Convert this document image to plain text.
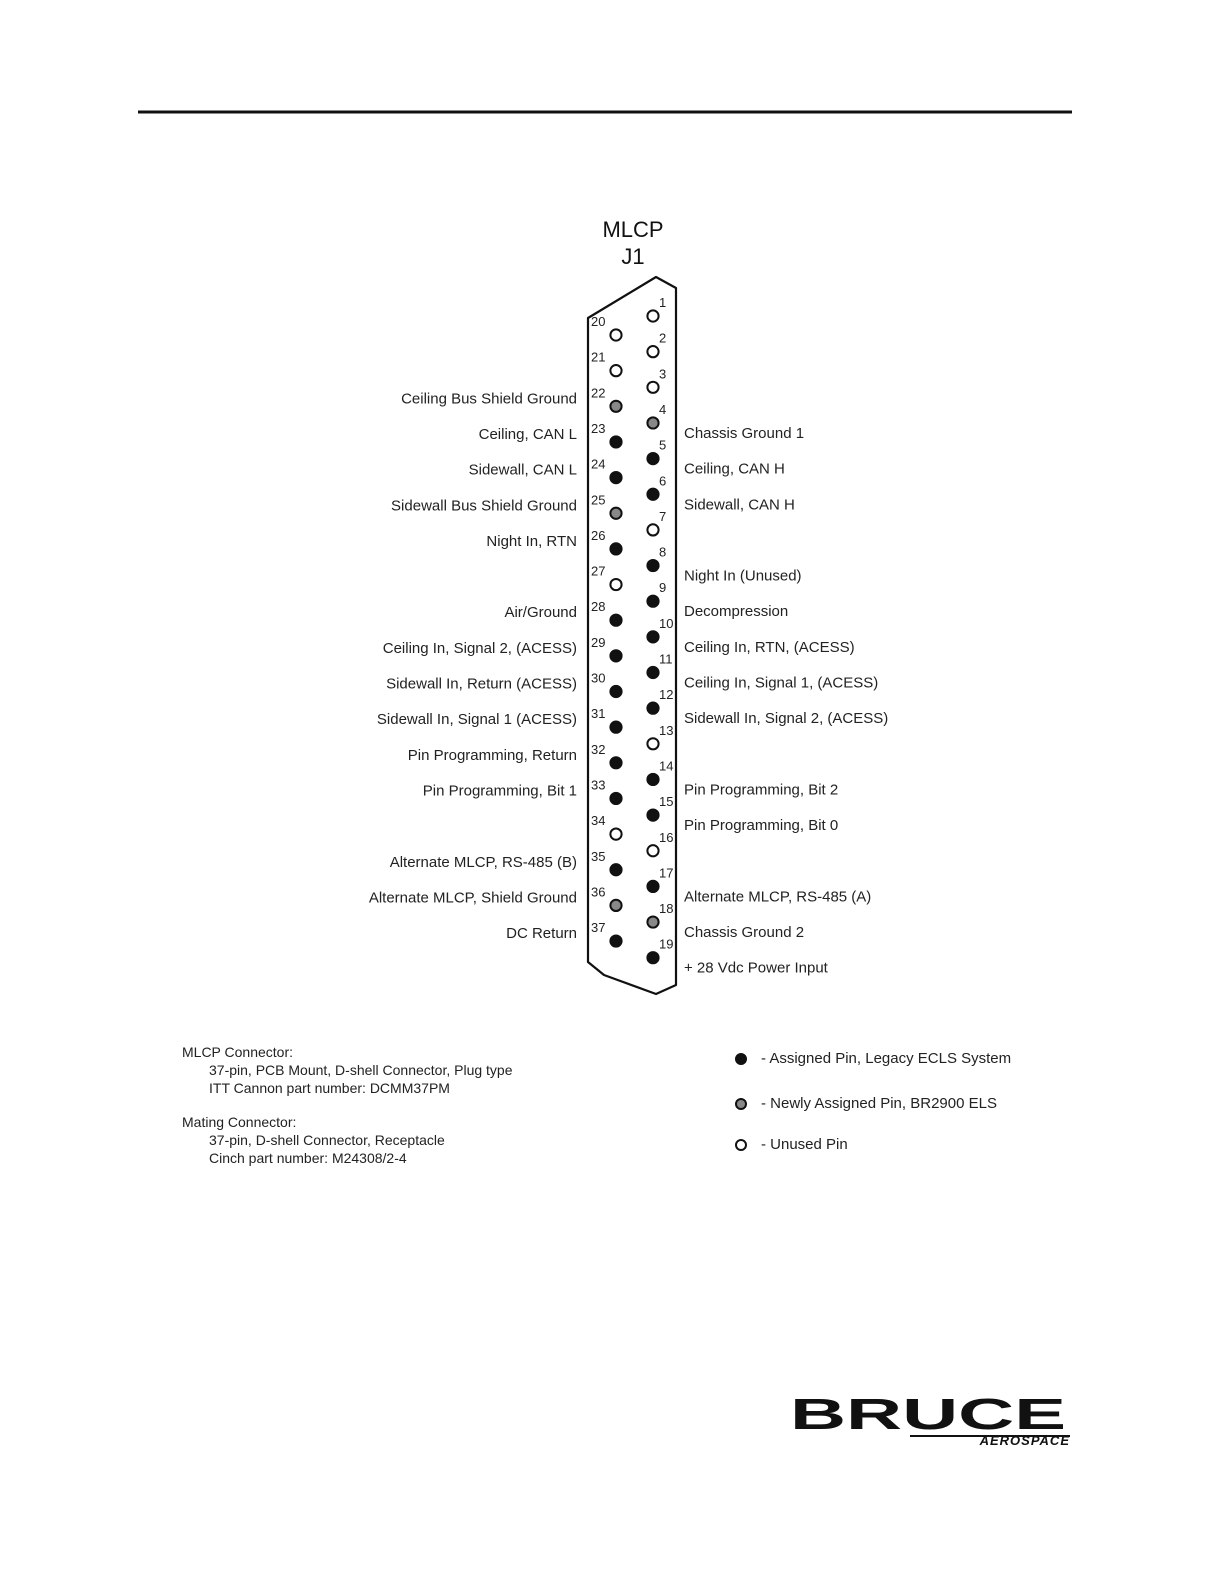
MLCP
J1
1
2
3
4
Chassis Ground 1
5
Ceiling, CAN H
6
Sidewall, CAN H
7
8
Night In (Unused)
9
Decompression
10
Ceiling In, RTN, (ACESS)
11
Ceiling In, Signal 1, (ACESS)
12
Sidewall In, Signal 2, (ACESS)
13
14
Pin Programming, Bit 2
15
Pin Programming, Bit 0
16
17
Alternate MLCP, RS-485 (A)
18
Chassis Ground 2
19
+ 28 Vdc Power Input
20
21
22
Ceiling Bus Shield Ground
23
Ceiling, CAN L
24
Sidewall, CAN L
25
Sidewall Bus Shield Ground
26
Night In, RTN
27
28
Air/Ground
29
Ceiling In, Signal 2, (ACESS)
30
Sidewall In, Return (ACESS)
31
Sidewall In, Signal 1 (ACESS)
32
Pin Programming, Return
33
Pin Programming, Bit 1
34
35
Alternate MLCP, RS-485 (B)
36
Alternate MLCP, Shield Ground
37
DC Return
MLCP Connector:
37-pin, PCB Mount, D-shell Connector, Plug type
ITT Cannon part number: DCMM37PM
Mating Connector:
37-pin, D-shell Connector, Receptacle
Cinch part number: M24308/2-4
- Assigned Pin, Legacy ECLS System
- Newly Assigned Pin, BR2900 ELS
- Unused Pin
BRUCE
AEROSPACE
